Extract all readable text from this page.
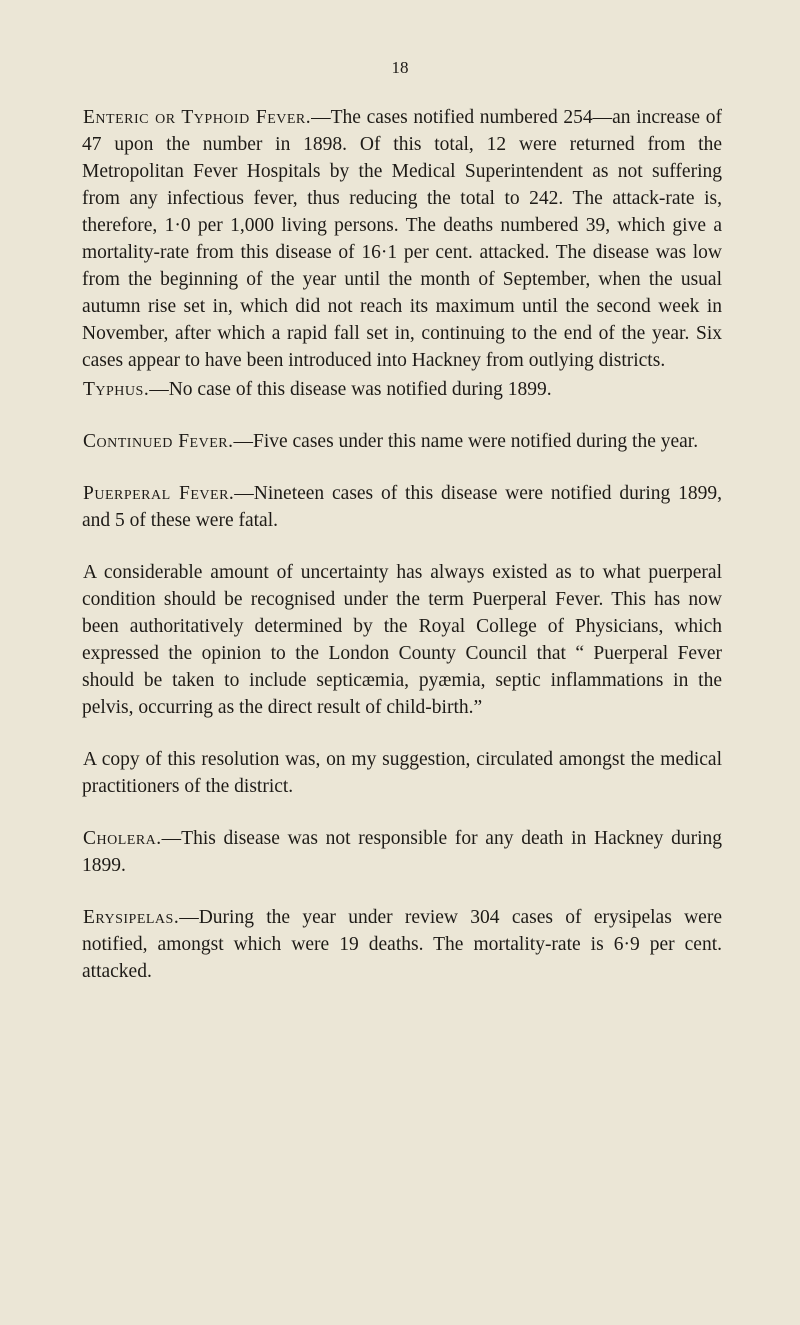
18

Enteric or Typhoid Fever.—The cases notified numbered 254—an increase of 47 upon the number in 1898. Of this total, 12 were returned from the Metropolitan Fever Hospitals by the Medical Superintendent as not suffering from any infectious fever, thus reducing the total to 242. The attack-rate is, therefore, 1·0 per 1,000 living persons. The deaths numbered 39, which give a mortality-rate from this disease of 16·1 per cent. attacked. The disease was low from the beginning of the year until the month of September, when the usual autumn rise set in, which did not reach its maximum until the second week in November, after which a rapid fall set in, continuing to the end of the year. Six cases appear to have been introduced into Hackney from outlying districts.

Typhus.—No case of this disease was notified during 1899.

Continued Fever.—Five cases under this name were notified during the year.

Puerperal Fever.—Nineteen cases of this disease were notified during 1899, and 5 of these were fatal.

A considerable amount of uncertainty has always existed as to what puerperal condition should be recognised under the term Puerperal Fever. This has now been authoritatively determined by the Royal College of Physicians, which expressed the opinion to the London County Council that “ Puerperal Fever should be taken to include septicæmia, pyæmia, septic inflammations in the pelvis, occurring as the direct result of child-birth.”

A copy of this resolution was, on my suggestion, circulated amongst the medical practitioners of the district.

Cholera.—This disease was not responsible for any death in Hackney during 1899.

Erysipelas.—During the year under review 304 cases of erysipelas were notified, amongst which were 19 deaths. The mortality-rate is 6·9 per cent. attacked.
